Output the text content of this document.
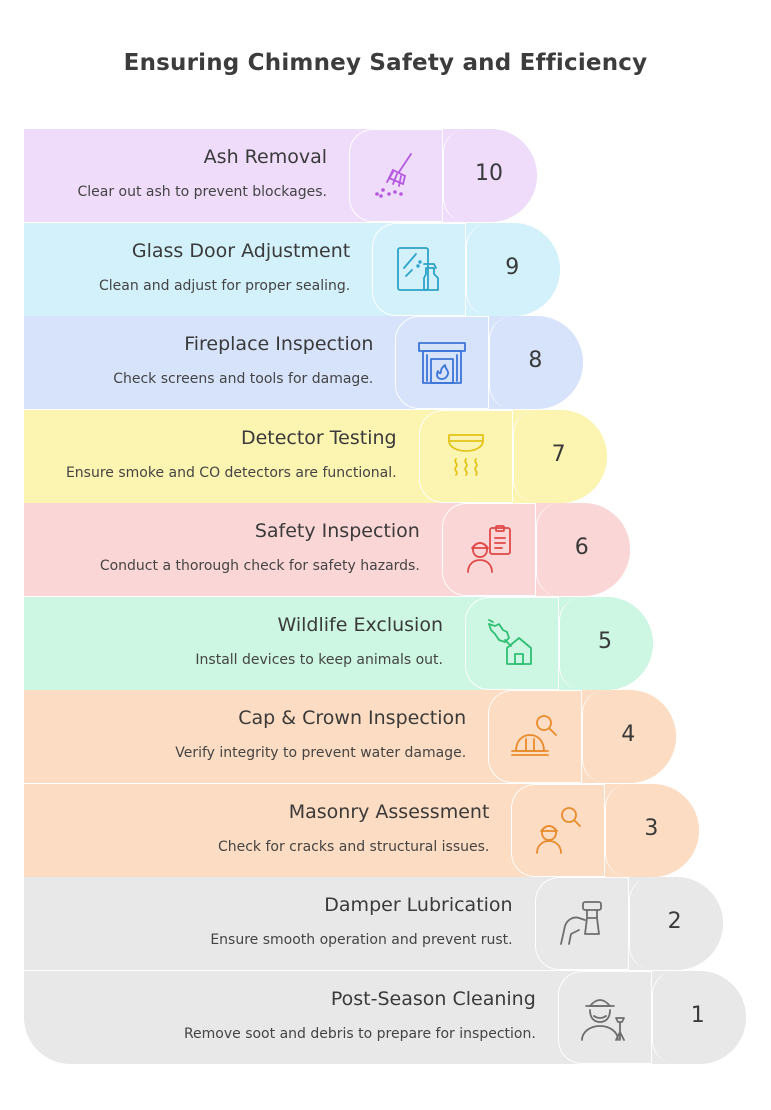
Ensuring Chimney Safety and Efficiency
10
Ash Removal
Clear out ash to prevent blockages.
9
Glass Door Adjustment
Clean and adjust for proper sealing.
8
Fireplace Inspection
Check screens and tools for damage.
7
Detector Testing
Ensure smoke and CO detectors are functional.
6
Safety Inspection
Conduct a thorough check for safety hazards.
5
Wildlife Exclusion
Install devices to keep animals out.
4
Cap & Crown Inspection
Verify integrity to prevent water damage.
3
Masonry Assessment
Check for cracks and structural issues.
2
Damper Lubrication
Ensure smooth operation and prevent rust.
1
Post-Season Cleaning
Remove soot and debris to prepare for inspection.
